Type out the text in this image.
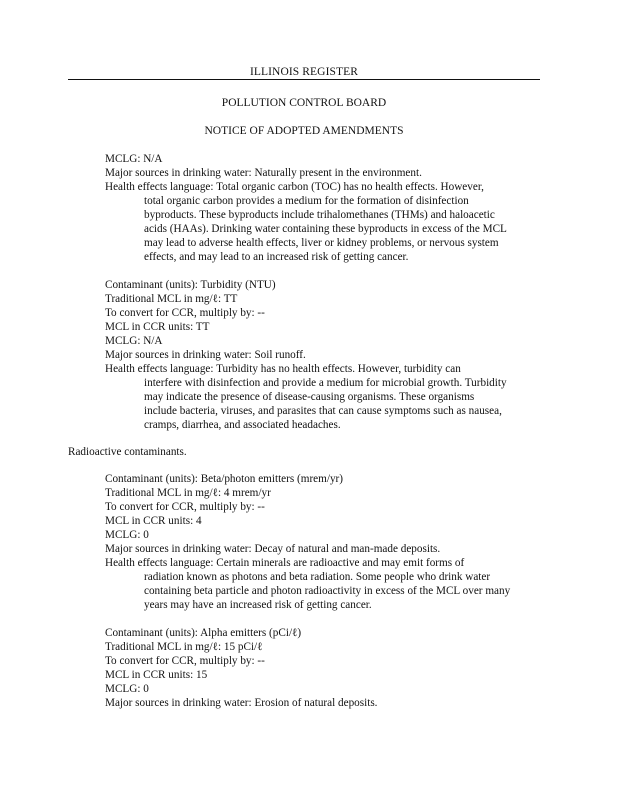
ILLINOIS REGISTER
POLLUTION CONTROL BOARD
NOTICE OF ADOPTED AMENDMENTS
MCLG: N/A
Major sources in drinking water: Naturally present in the environment.
Health effects language: Total organic carbon (TOC) has no health effects. However,
total organic carbon provides a medium for the formation of disinfection
byproducts. These byproducts include trihalomethanes (THMs) and haloacetic
acids (HAAs). Drinking water containing these byproducts in excess of the MCL
may lead to adverse health effects, liver or kidney problems, or nervous system
effects, and may lead to an increased risk of getting cancer.
Contaminant (units): Turbidity (NTU)
Traditional MCL in mg/ℓ: TT
To convert for CCR, multiply by: --
MCL in CCR units: TT
MCLG: N/A
Major sources in drinking water: Soil runoff.
Health effects language: Turbidity has no health effects. However, turbidity can
interfere with disinfection and provide a medium for microbial growth. Turbidity
may indicate the presence of disease-causing organisms. These organisms
include bacteria, viruses, and parasites that can cause symptoms such as nausea,
cramps, diarrhea, and associated headaches.
Radioactive contaminants.
Contaminant (units): Beta/photon emitters (mrem/yr)
Traditional MCL in mg/ℓ: 4 mrem/yr
To convert for CCR, multiply by: --
MCL in CCR units: 4
MCLG: 0
Major sources in drinking water: Decay of natural and man-made deposits.
Health effects language: Certain minerals are radioactive and may emit forms of
radiation known as photons and beta radiation. Some people who drink water
containing beta particle and photon radioactivity in excess of the MCL over many
years may have an increased risk of getting cancer.
Contaminant (units): Alpha emitters (pCi/ℓ)
Traditional MCL in mg/ℓ: 15 pCi/ℓ
To convert for CCR, multiply by: --
MCL in CCR units: 15
MCLG: 0
Major sources in drinking water: Erosion of natural deposits.
